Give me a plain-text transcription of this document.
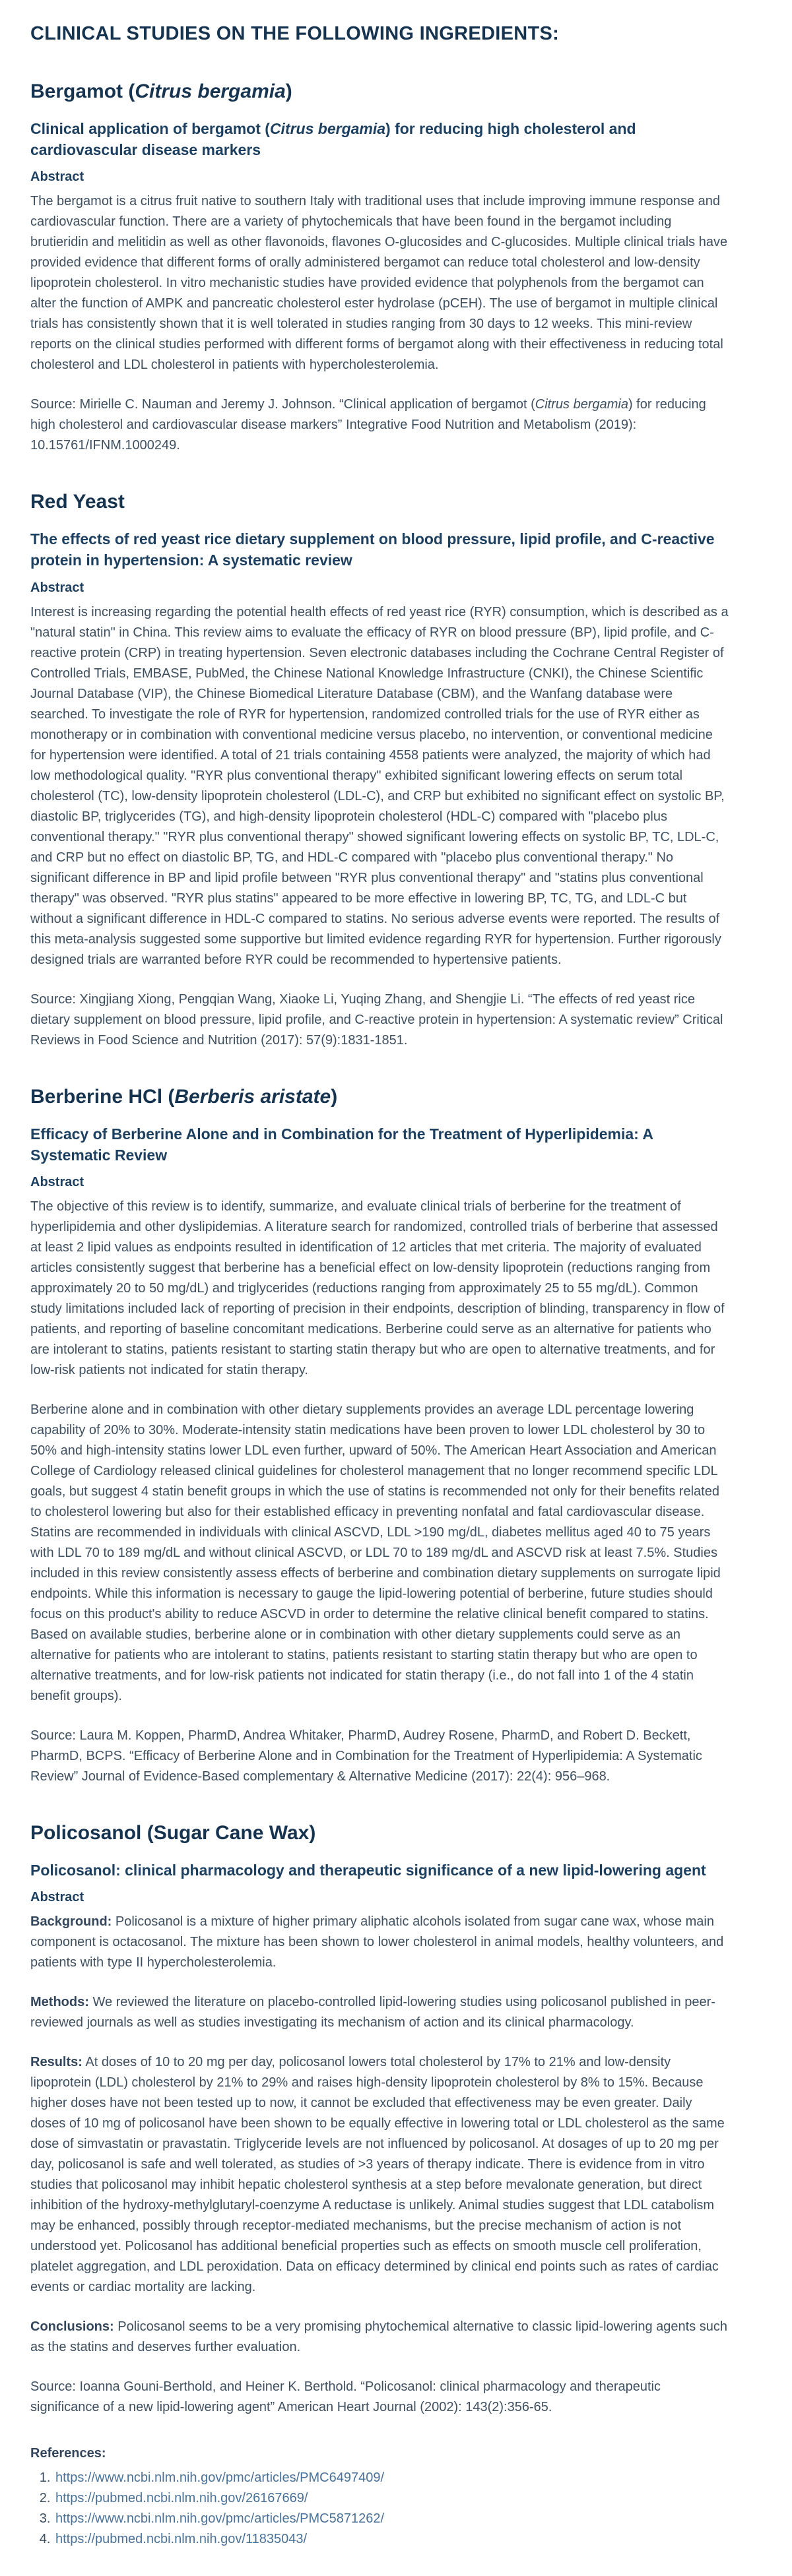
CLINICAL STUDIES ON THE FOLLOWING INGREDIENTS:
Bergamot (Citrus bergamia)
Clinical application of bergamot (Citrus bergamia) for reducing high cholesterol and cardiovascular disease markers
Abstract

The bergamot is a citrus fruit native to southern Italy with traditional uses that include improving immune response and cardiovascular function. There are a variety of phytochemicals that have been found in the bergamot including brutieridin and melitidin as well as other flavonoids, flavones O-glucosides and C-glucosides. Multiple clinical trials have provided evidence that different forms of orally administered bergamot can reduce total cholesterol and low-density lipoprotein cholesterol. In vitro mechanistic studies have provided evidence that polyphenols from the bergamot can alter the function of AMPK and pancreatic cholesterol ester hydrolase (pCEH). The use of bergamot in multiple clinical trials has consistently shown that it is well tolerated in studies ranging from 30 days to 12 weeks. This mini-review reports on the clinical studies performed with different forms of bergamot along with their effectiveness in reducing total cholesterol and LDL cholesterol in patients with hypercholesterolemia.

Source: Mirielle C. Nauman and Jeremy J. Johnson. “Clinical application of bergamot (Citrus bergamia) for reducing high cholesterol and cardiovascular disease markers” Integrative Food Nutrition and Metabolism (2019): 10.15761/IFNM.1000249.

Red Yeast
The effects of red yeast rice dietary supplement on blood pressure, lipid profile, and C-reactive protein in hypertension: A systematic review
Abstract

Interest is increasing regarding the potential health effects of red yeast rice (RYR) consumption, which is described as a "natural statin" in China. This review aims to evaluate the efficacy of RYR on blood pressure (BP), lipid profile, and C-reactive protein (CRP) in treating hypertension. Seven electronic databases including the Cochrane Central Register of Controlled Trials, EMBASE, PubMed, the Chinese National Knowledge Infrastructure (CNKI), the Chinese Scientific Journal Database (VIP), the Chinese Biomedical Literature Database (CBM), and the Wanfang database were searched. To investigate the role of RYR for hypertension, randomized controlled trials for the use of RYR either as monotherapy or in combination with conventional medicine versus placebo, no intervention, or conventional medicine for hypertension were identified. A total of 21 trials containing 4558 patients were analyzed, the majority of which had low methodological quality. "RYR plus conventional therapy" exhibited significant lowering effects on serum total cholesterol (TC), low-density lipoprotein cholesterol (LDL-C), and CRP but exhibited no significant effect on systolic BP, diastolic BP, triglycerides (TG), and high-density lipoprotein cholesterol (HDL-C) compared with "placebo plus conventional therapy." "RYR plus conventional therapy" showed significant lowering effects on systolic BP, TC, LDL-C, and CRP but no effect on diastolic BP, TG, and HDL-C compared with "placebo plus conventional therapy." No significant difference in BP and lipid profile between "RYR plus conventional therapy" and "statins plus conventional therapy" was observed. "RYR plus statins" appeared to be more effective in lowering BP, TC, TG, and LDL-C but without a significant difference in HDL-C compared to statins. No serious adverse events were reported. The results of this meta-analysis suggested some supportive but limited evidence regarding RYR for hypertension. Further rigorously designed trials are warranted before RYR could be recommended to hypertensive patients.

Source: Xingjiang Xiong, Pengqian Wang, Xiaoke Li, Yuqing Zhang, and Shengjie Li. “The effects of red yeast rice dietary supplement on blood pressure, lipid profile, and C-reactive protein in hypertension: A systematic review” Critical Reviews in Food Science and Nutrition (2017): 57(9):1831-1851.

Berberine HCl (Berberis aristate)
Efficacy of Berberine Alone and in Combination for the Treatment of Hyperlipidemia: A Systematic Review
Abstract

The objective of this review is to identify, summarize, and evaluate clinical trials of berberine for the treatment of hyperlipidemia and other dyslipidemias. A literature search for randomized, controlled trials of berberine that assessed at least 2 lipid values as endpoints resulted in identification of 12 articles that met criteria. The majority of evaluated articles consistently suggest that berberine has a beneficial effect on low-density lipoprotein (reductions ranging from approximately 20 to 50 mg/dL) and triglycerides (reductions ranging from approximately 25 to 55 mg/dL). Common study limitations included lack of reporting of precision in their endpoints, description of blinding, transparency in flow of patients, and reporting of baseline concomitant medications. Berberine could serve as an alternative for patients who are intolerant to statins, patients resistant to starting statin therapy but who are open to alternative treatments, and for low-risk patients not indicated for statin therapy.

Berberine alone and in combination with other dietary supplements provides an average LDL percentage lowering capability of 20% to 30%. Moderate-intensity statin medications have been proven to lower LDL cholesterol by 30 to 50% and high-intensity statins lower LDL even further, upward of 50%. The American Heart Association and American College of Cardiology released clinical guidelines for cholesterol management that no longer recommend specific LDL goals, but suggest 4 statin benefit groups in which the use of statins is recommended not only for their benefits related to cholesterol lowering but also for their established efficacy in preventing nonfatal and fatal cardiovascular disease. Statins are recommended in individuals with clinical ASCVD, LDL >190 mg/dL, diabetes mellitus aged 40 to 75 years with LDL 70 to 189 mg/dL and without clinical ASCVD, or LDL 70 to 189 mg/dL and ASCVD risk at least 7.5%. Studies included in this review consistently assess effects of berberine and combination dietary supplements on surrogate lipid endpoints. While this information is necessary to gauge the lipid-lowering potential of berberine, future studies should focus on this product's ability to reduce ASCVD in order to determine the relative clinical benefit compared to statins. Based on available studies, berberine alone or in combination with other dietary supplements could serve as an alternative for patients who are intolerant to statins, patients resistant to starting statin therapy but who are open to alternative treatments, and for low-risk patients not indicated for statin therapy (i.e., do not fall into 1 of the 4 statin benefit groups).

Source: Laura M. Koppen, PharmD, Andrea Whitaker, PharmD, Audrey Rosene, PharmD, and Robert D. Beckett, PharmD, BCPS. “Efficacy of Berberine Alone and in Combination for the Treatment of Hyperlipidemia: A Systematic Review” Journal of Evidence-Based complementary & Alternative Medicine (2017): 22(4): 956–968.

Policosanol (Sugar Cane Wax)
Policosanol: clinical pharmacology and therapeutic significance of a new lipid-lowering agent
Abstract

Background: Policosanol is a mixture of higher primary aliphatic alcohols isolated from sugar cane wax, whose main component is octacosanol. The mixture has been shown to lower cholesterol in animal models, healthy volunteers, and patients with type II hypercholesterolemia.

Methods: We reviewed the literature on placebo-controlled lipid-lowering studies using policosanol published in peer-reviewed journals as well as studies investigating its mechanism of action and its clinical pharmacology.

Results: At doses of 10 to 20 mg per day, policosanol lowers total cholesterol by 17% to 21% and low-density lipoprotein (LDL) cholesterol by 21% to 29% and raises high-density lipoprotein cholesterol by 8% to 15%. Because higher doses have not been tested up to now, it cannot be excluded that effectiveness may be even greater. Daily doses of 10 mg of policosanol have been shown to be equally effective in lowering total or LDL cholesterol as the same dose of simvastatin or pravastatin. Triglyceride levels are not influenced by policosanol. At dosages of up to 20 mg per day, policosanol is safe and well tolerated, as studies of >3 years of therapy indicate. There is evidence from in vitro studies that policosanol may inhibit hepatic cholesterol synthesis at a step before mevalonate generation, but direct inhibition of the hydroxy-methylglutaryl-coenzyme A reductase is unlikely. Animal studies suggest that LDL catabolism may be enhanced, possibly through receptor-mediated mechanisms, but the precise mechanism of action is not understood yet. Policosanol has additional beneficial properties such as effects on smooth muscle cell proliferation, platelet aggregation, and LDL peroxidation. Data on efficacy determined by clinical end points such as rates of cardiac events or cardiac mortality are lacking.

Conclusions: Policosanol seems to be a very promising phytochemical alternative to classic lipid-lowering agents such as the statins and deserves further evaluation.

Source: Ioanna Gouni-Berthold, and Heiner K. Berthold. “Policosanol: clinical pharmacology and therapeutic significance of a new lipid-lowering agent” American Heart Journal (2002): 143(2):356-65.

References:
1. https://www.ncbi.nlm.nih.gov/pmc/articles/PMC6497409/
2. https://pubmed.ncbi.nlm.nih.gov/26167669/
3. https://www.ncbi.nlm.nih.gov/pmc/articles/PMC5871262/
4. https://pubmed.ncbi.nlm.nih.gov/11835043/
